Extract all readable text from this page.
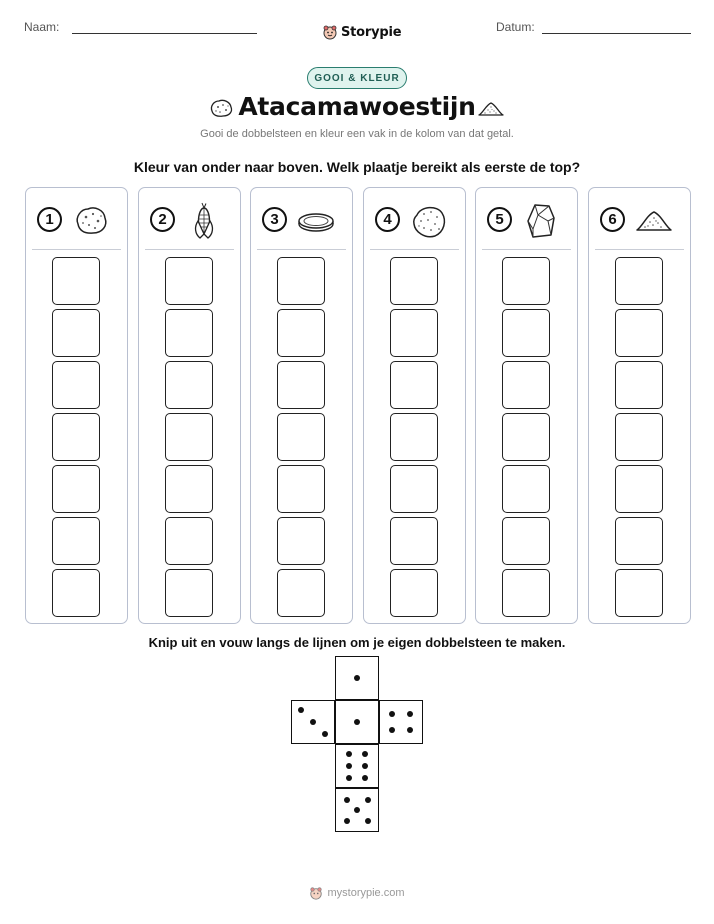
Naam:	Storypie	Datum:
GOOI & KLEUR
Atacamawoestijn
Gooi de dobbelsteen en kleur een vak in de kolom van dat getal.
Kleur van onder naar boven. Welk plaatje bereikt als eerste de top?
1	2	3	4	5	6
Knip uit en vouw langs de lijnen om je eigen dobbelsteen te maken.
mystorypie.com
